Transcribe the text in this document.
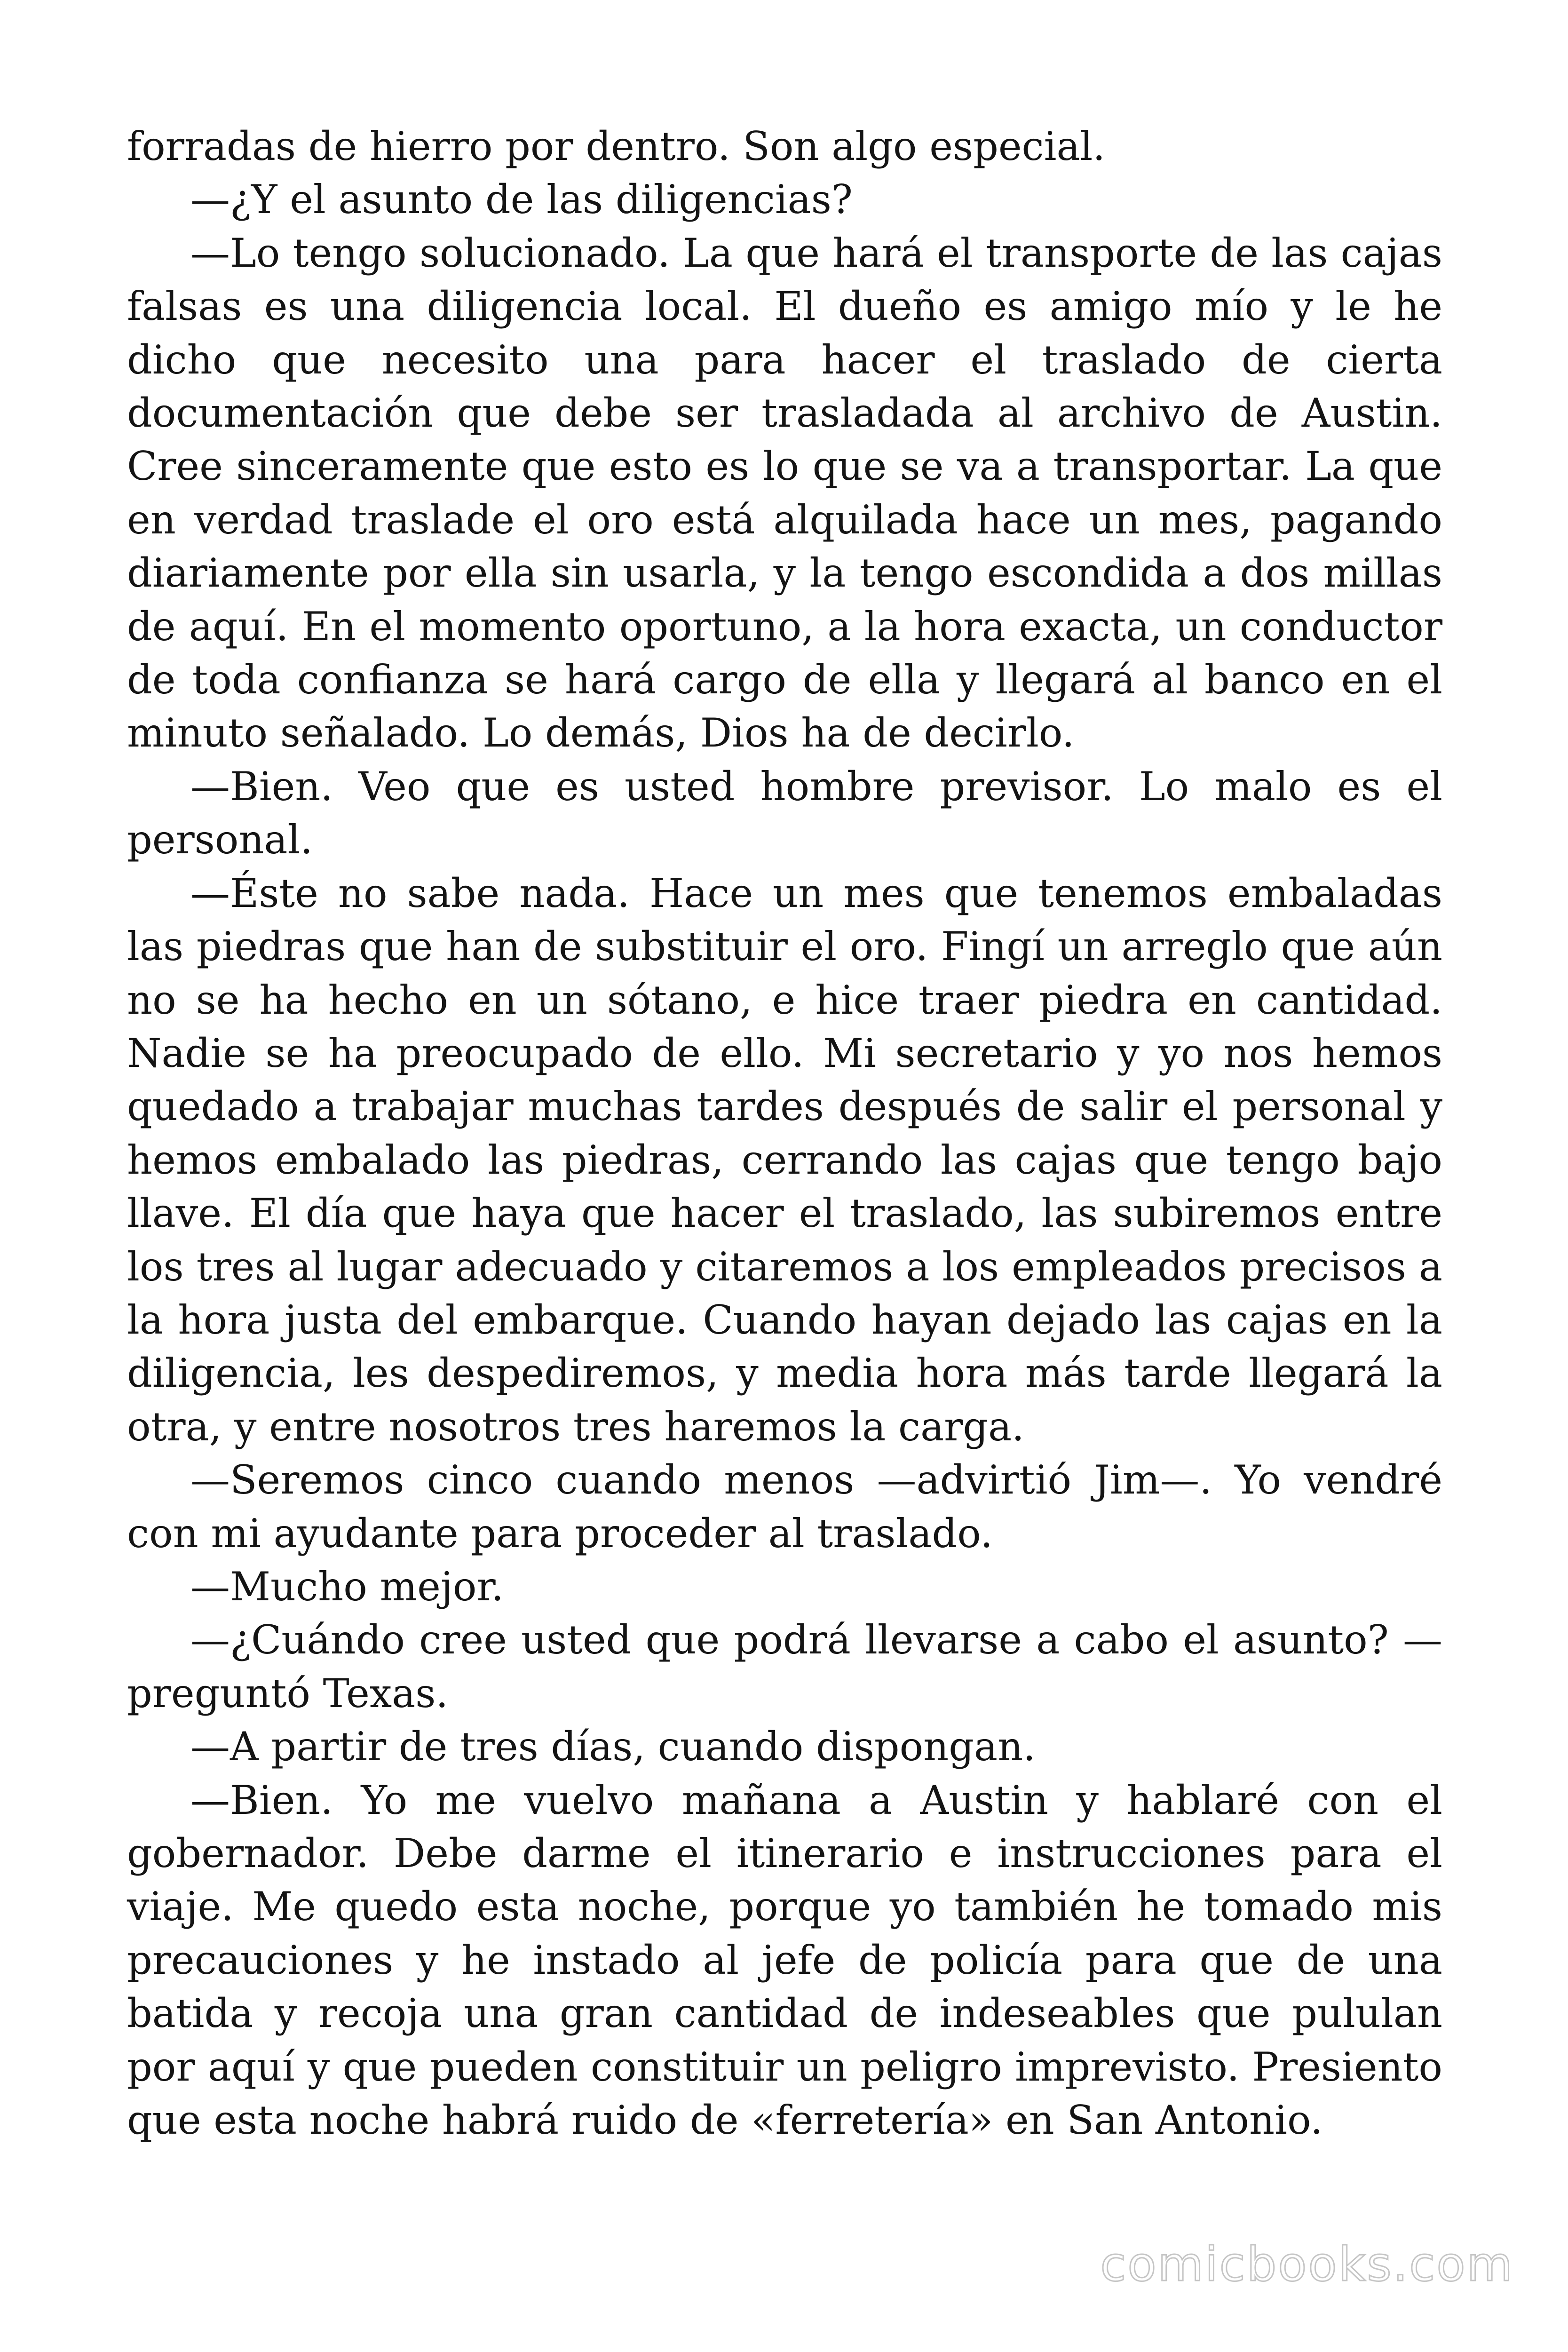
forradas de hierro por dentro. Son algo especial.

—¿Y el asunto de las diligencias?

—Lo tengo solucionado. La que hará el transporte de las cajas falsas es una diligencia local. El dueño es amigo mío y le he dicho que necesito una para hacer el traslado de cierta documentación que debe ser trasladada al archivo de Austin. Cree sinceramente que esto es lo que se va a transportar. La que en verdad traslade el oro está alquilada hace un mes, pagando diariamente por ella sin usarla, y la tengo escondida a dos millas de aquí. En el momento oportuno, a la hora exacta, un conductor de toda confianza se hará cargo de ella y llegará al banco en el minuto señalado. Lo demás, Dios ha de decirlo.

—Bien. Veo que es usted hombre previsor. Lo malo es el personal.

—Éste no sabe nada. Hace un mes que tenemos embaladas las piedras que han de substituir el oro. Fingí un arreglo que aún no se ha hecho en un sótano, e hice traer piedra en cantidad. Nadie se ha preocupado de ello. Mi secretario y yo nos hemos quedado a trabajar muchas tardes después de salir el personal y hemos embalado las piedras, cerrando las cajas que tengo bajo llave. El día que haya que hacer el traslado, las subiremos entre los tres al lugar adecuado y citaremos a los empleados precisos a la hora justa del embarque. Cuando hayan dejado las cajas en la diligencia, les despediremos, y media hora más tarde llegará la otra, y entre nosotros tres haremos la carga.

—Seremos cinco cuando menos —advirtió Jim—. Yo vendré con mi ayudante para proceder al traslado.

—Mucho mejor.

—¿Cuándo cree usted que podrá llevarse a cabo el asunto? —preguntó Texas.

—A partir de tres días, cuando dispongan.

—Bien. Yo me vuelvo mañana a Austin y hablaré con el gobernador. Debe darme el itinerario e instrucciones para el viaje. Me quedo esta noche, porque yo también he tomado mis precauciones y he instado al jefe de policía para que de una batida y recoja una gran cantidad de indeseables que pululan por aquí y que pueden constituir un peligro imprevisto. Presiento que esta noche habrá ruido de «ferretería» en San Antonio.

comicbooks.com
